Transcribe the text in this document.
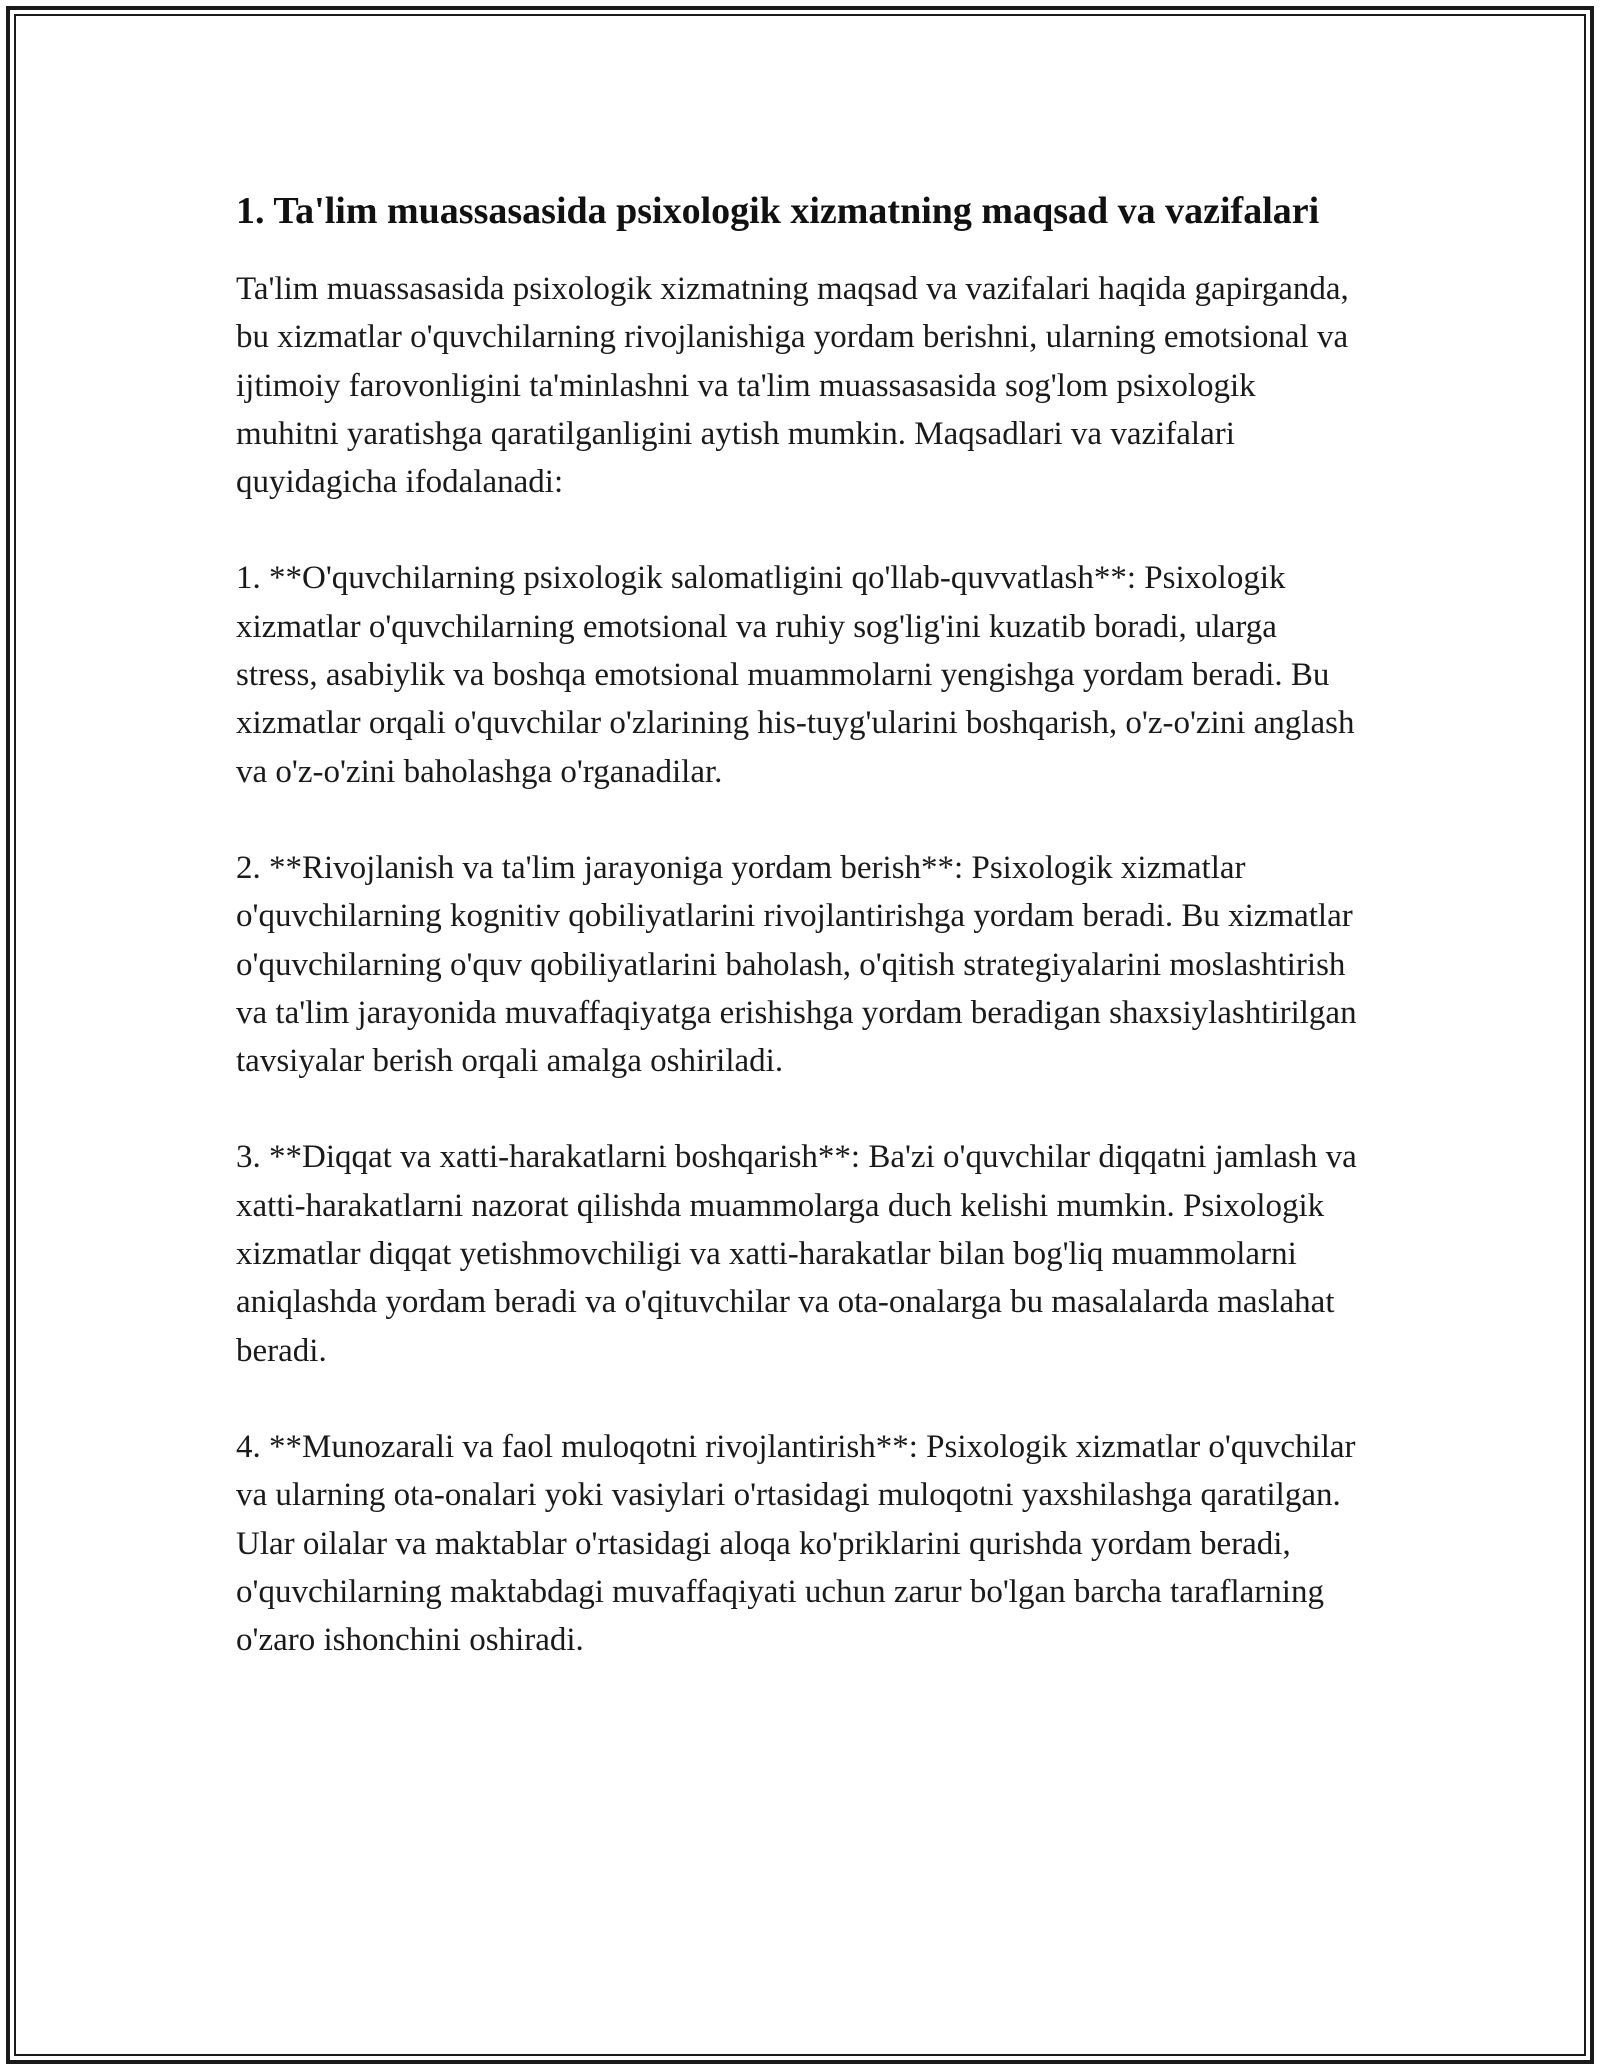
1. Ta'lim muassasasida psixologik xizmatning maqsad va vazifalari

Ta'lim muassasasida psixologik xizmatning maqsad va vazifalari haqida gapirganda, bu xizmatlar o'quvchilarning rivojlanishiga yordam berishni, ularning emotsional va ijtimoiy farovonligini ta'minlashni va ta'lim muassasasida sog'lom psixologik muhitni yaratishga qaratilganligini aytish mumkin. Maqsadlari va vazifalari quyidagicha ifodalanadi:

1. **O'quvchilarning psixologik salomatligini qo'llab-quvvatlash**: Psixologik xizmatlar o'quvchilarning emotsional va ruhiy sog'lig'ini kuzatib boradi, ularga stress, asabiylik va boshqa emotsional muammolarni yengishga yordam beradi. Bu xizmatlar orqali o'quvchilar o'zlarining his-tuyg'ularini boshqarish, o'z-o'zini anglash va o'z-o'zini baholashga o'rganadilar.

2. **Rivojlanish va ta'lim jarayoniga yordam berish**: Psixologik xizmatlar o'quvchilarning kognitiv qobiliyatlarini rivojlantirishga yordam beradi. Bu xizmatlar o'quvchilarning o'quv qobiliyatlarini baholash, o'qitish strategiyalarini moslashtirish va ta'lim jarayonida muvaffaqiyatga erishishga yordam beradigan shaxsiylashtirilgan tavsiyalar berish orqali amalga oshiriladi.

3. **Diqqat va xatti-harakatlarni boshqarish**: Ba'zi o'quvchilar diqqatni jamlash va xatti-harakatlarni nazorat qilishda muammolarga duch kelishi mumkin. Psixologik xizmatlar diqqat yetishmovchiligi va xatti-harakatlar bilan bog'liq muammolarni aniqlashda yordam beradi va o'qituvchilar va ota-onalarga bu masalalarda maslahat beradi.

4. **Munozarali va faol muloqotni rivojlantirish**: Psixologik xizmatlar o'quvchilar va ularning ota-onalari yoki vasiylari o'rtasidagi muloqotni yaxshilashga qaratilgan. Ular oilalar va maktablar o'rtasidagi aloqa ko'priklarini qurishda yordam beradi, o'quvchilarning maktabdagi muvaffaqiyati uchun zarur bo'lgan barcha taraflarning o'zaro ishonchini oshiradi.
